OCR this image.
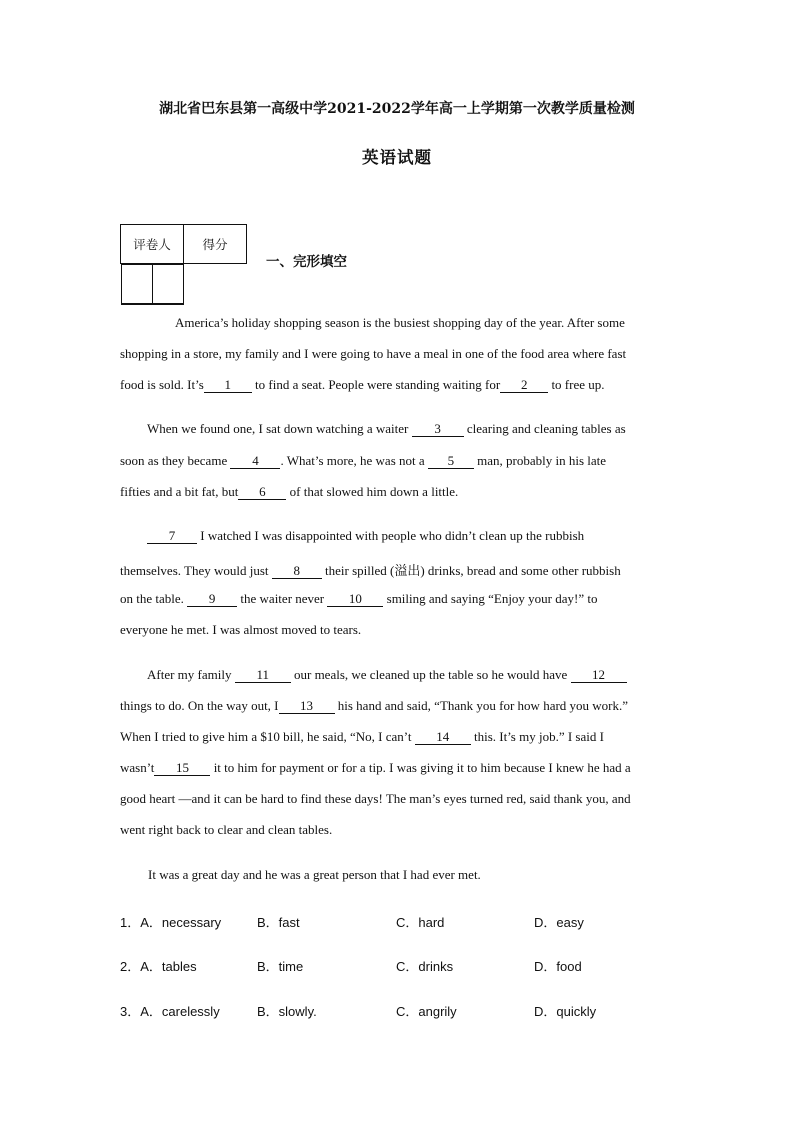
湖北省巴东县第一高级中学2021-2022学年高一上学期第一次教学质量检测
英语试题
评卷人	得分

一、完形填空
America’s holiday shopping season is the busiest shopping day of the year. After some
shopping in a store, my family and I were going to have a meal in one of the food area where fast
food is sold. It’s 1 to find a seat. People were standing waiting for 2 to free up.
When we found one, I sat down watching a waiter 3 clearing and cleaning tables as
soon as they became 4 . What’s more, he was not a 5 man, probably in his late
fifties and a bit fat, but 6 of that slowed him down a little.
7 I watched I was disappointed with people who didn’t clean up the rubbish
themselves. They would just 8 their spilled (溢出) drinks, bread and some other rubbish
on the table. 9 the waiter never 10 smiling and saying “Enjoy your day!” to
everyone he met. I was almost moved to tears.
After my family 11 our meals, we cleaned up the table so he would have 12
things to do. On the way out, I 13 his hand and said, “Thank you for how hard you work.”
When I tried to give him a $10 bill, he said, “No, I can’t 14 this. It’s my job.” I said I
wasn’t 15 it to him for payment or for a tip. I was giving it to him because I knew he had a
good heart —and it can be hard to find these days! The man’s eyes turned red, said thank you, and
went right back to clear and clean tables.
It was a great day and he was a great person that I had ever met.
1．A．necessary	B．fast	C．hard	D．easy
2．A．tables	B．time	C．drinks	D．food
3．A．carelessly	B．slowly.	C．angrily	D．quickly
